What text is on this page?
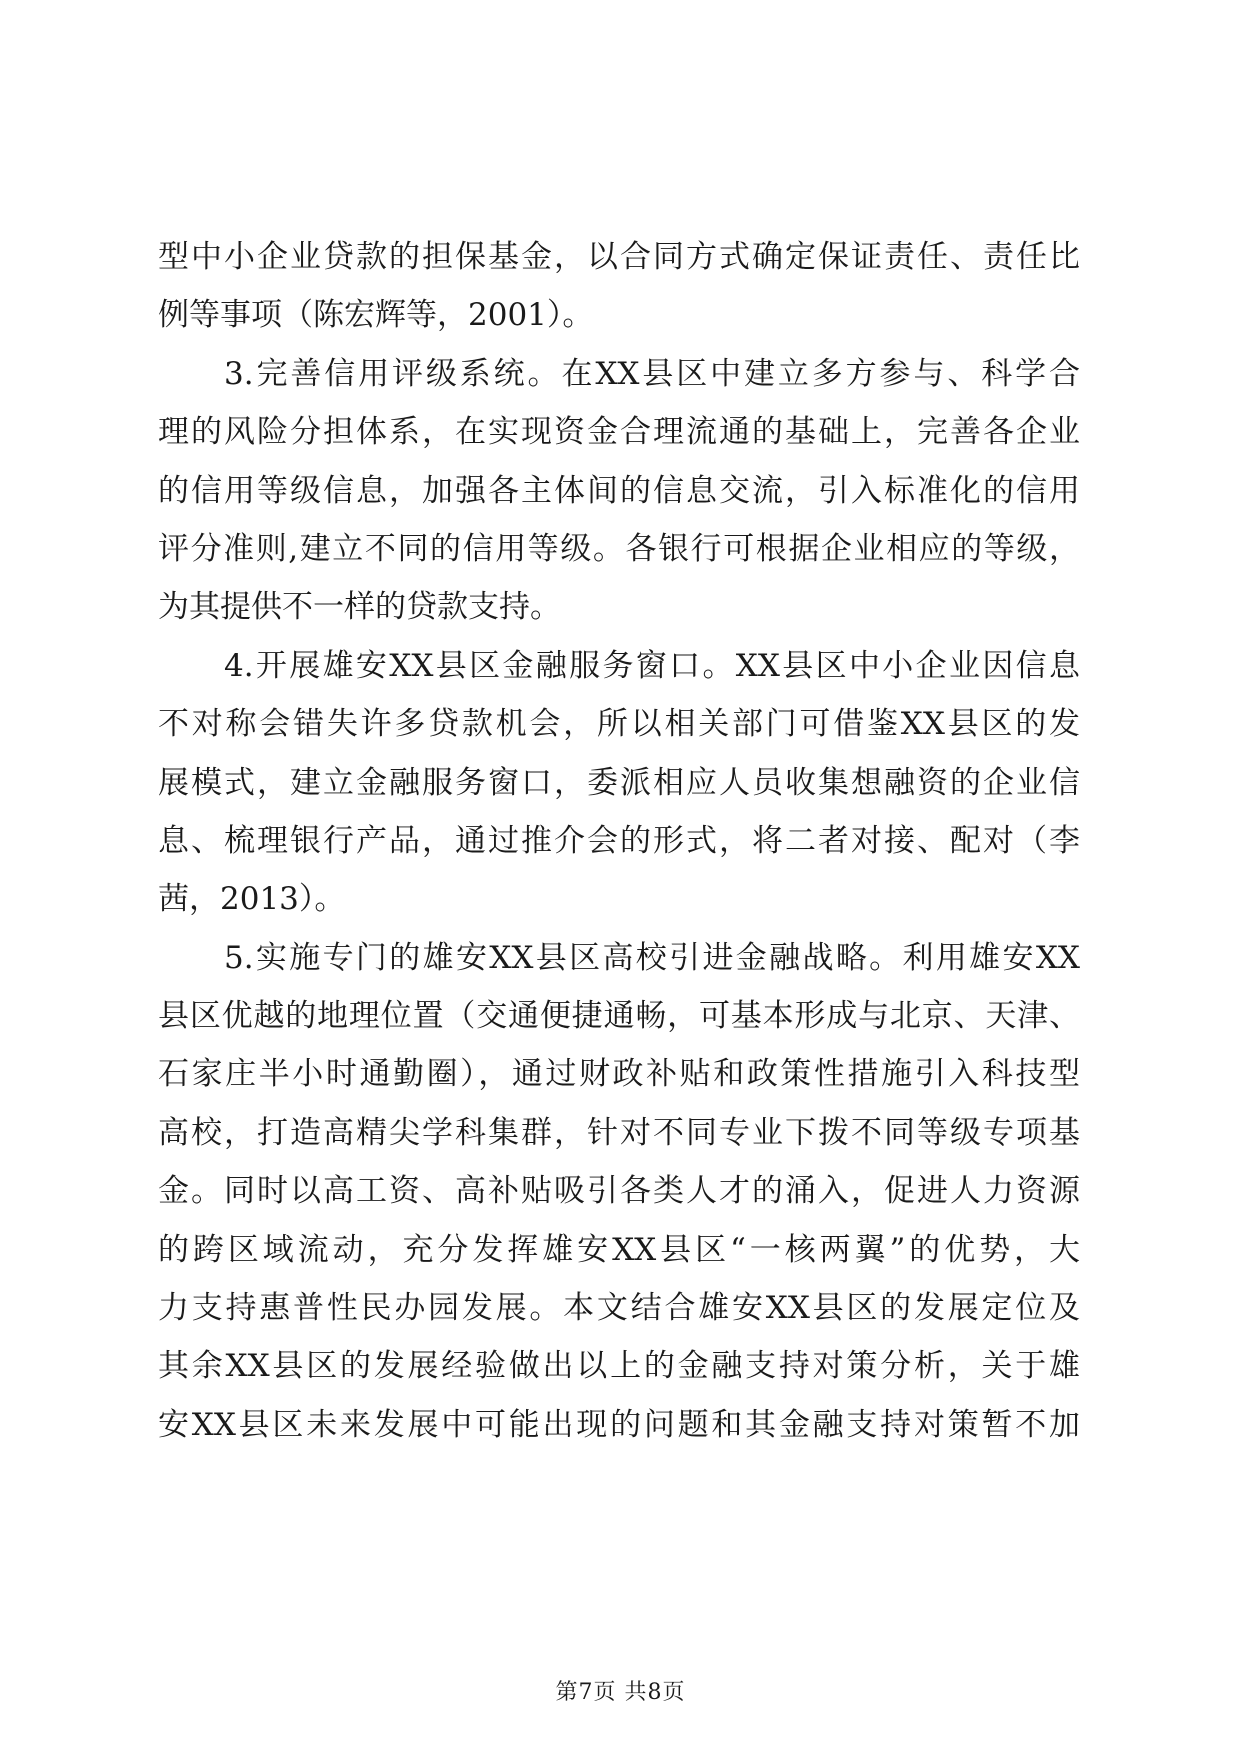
型中小企业贷款的担保基金，以合同方式确定保证责任、责任比
例等事项（陈宏辉等，2001）。
3.完善信用评级系统。在XX县区中建立多方参与、科学合
理的风险分担体系，在实现资金合理流通的基础上，完善各企业
的信用等级信息，加强各主体间的信息交流，引入标准化的信用
评分准则,建立不同的信用等级。各银行可根据企业相应的等级，
为其提供不一样的贷款支持。
4.开展雄安XX县区金融服务窗口。XX县区中小企业因信息
不对称会错失许多贷款机会，所以相关部门可借鉴XX县区的发
展模式，建立金融服务窗口，委派相应人员收集想融资的企业信
息、梳理银行产品，通过推介会的形式，将二者对接、配对（李
茜，2013）。
5.实施专门的雄安XX县区高校引进金融战略。利用雄安XX
县区优越的地理位置（交通便捷通畅，可基本形成与北京、天津、
石家庄半小时通勤圈），通过财政补贴和政策性措施引入科技型
高校，打造高精尖学科集群，针对不同专业下拨不同等级专项基
金。同时以高工资、高补贴吸引各类人才的涌入，促进人力资源
的跨区域流动，充分发挥雄安XX县区“一核两翼”的优势，大
力支持惠普性民办园发展。本文结合雄安XX县区的发展定位及
其余XX县区的发展经验做出以上的金融支持对策分析，关于雄
安XX县区未来发展中可能出现的问题和其金融支持对策暂不加
第7页 共8页
